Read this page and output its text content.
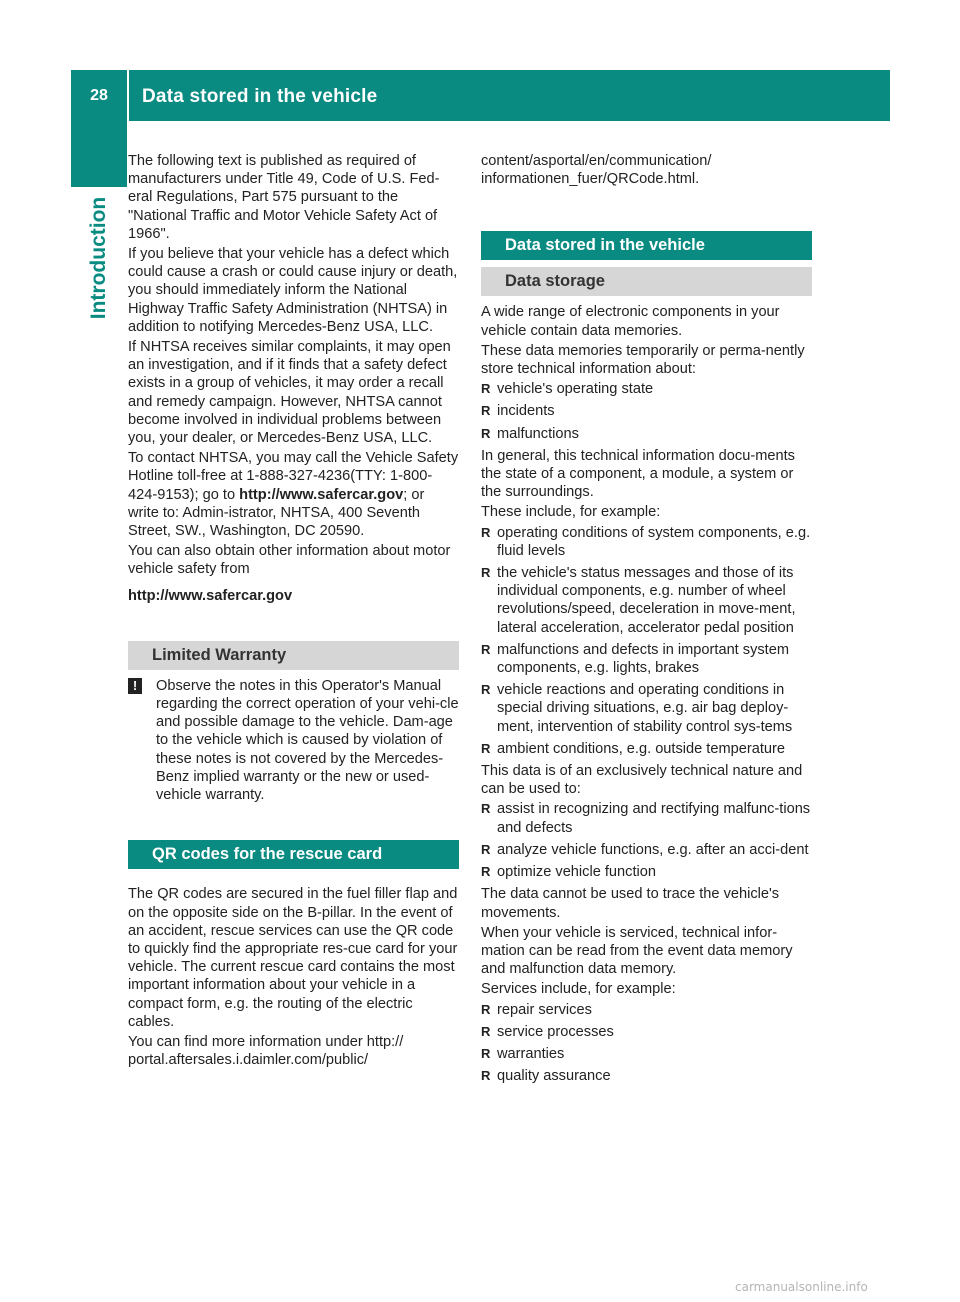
28	Data stored in the vehicle
Introduction

The following text is published as required of manufacturers under Title 49, Code of U.S. Fed-eral Regulations, Part 575 pursuant to the "National Traffic and Motor Vehicle Safety Act of 1966".

If you believe that your vehicle has a defect which could cause a crash or could cause injury or death, you should immediately inform the National Highway Traffic Safety Administration (NHTSA) in addition to notifying Mercedes-Benz USA, LLC.

If NHTSA receives similar complaints, it may open an investigation, and if it finds that a safety defect exists in a group of vehicles, it may order a recall and remedy campaign. However, NHTSA cannot become involved in individual problems between you, your dealer, or Mercedes-Benz USA, LLC.

To contact NHTSA, you may call the Vehicle Safety Hotline toll-free at 1-888-327-4236(TTY: 1-800-424-9153); go to http://www.safercar.gov; or write to: Admin-istrator, NHTSA, 400 Seventh Street, SW., Washington, DC 20590.

You can also obtain other information about motor vehicle safety from

http://www.safercar.gov

Limited Warranty

!	Observe the notes in this Operator's Manual regarding the correct operation of your vehi-cle and possible damage to the vehicle. Dam-age to the vehicle which is caused by violation of these notes is not covered by the Mercedes-Benz implied warranty or the new or used-vehicle warranty.

QR codes for the rescue card

The QR codes are secured in the fuel filler flap and on the opposite side on the B-pillar. In the event of an accident, rescue services can use the QR code to quickly find the appropriate res-cue card for your vehicle. The current rescue card contains the most important information about your vehicle in a compact form, e.g. the routing of the electric cables.

You can find more information under http:// portal.aftersales.i.daimler.com/public/

content/asportal/en/communication/ informationen_fuer/QRCode.html.

Data stored in the vehicle
Data storage

A wide range of electronic components in your vehicle contain data memories.

These data memories temporarily or perma-nently store technical information about:

R vehicle's operating state
R incidents
R malfunctions

In general, this technical information docu-ments the state of a component, a module, a system or the surroundings.

These include, for example:

R operating conditions of system components, e.g. fluid levels
R the vehicle's status messages and those of its individual components, e.g. number of wheel revolutions/speed, deceleration in move-ment, lateral acceleration, accelerator pedal position
R malfunctions and defects in important system components, e.g. lights, brakes
R vehicle reactions and operating conditions in special driving situations, e.g. air bag deploy-ment, intervention of stability control sys-tems
R ambient conditions, e.g. outside temperature

This data is of an exclusively technical nature and can be used to:

R assist in recognizing and rectifying malfunc-tions and defects
R analyze vehicle functions, e.g. after an acci-dent
R optimize vehicle function

The data cannot be used to trace the vehicle's movements.

When your vehicle is serviced, technical infor-mation can be read from the event data memory and malfunction data memory.

Services include, for example:

R repair services
R service processes
R warranties
R quality assurance
carmanualsonline.info
